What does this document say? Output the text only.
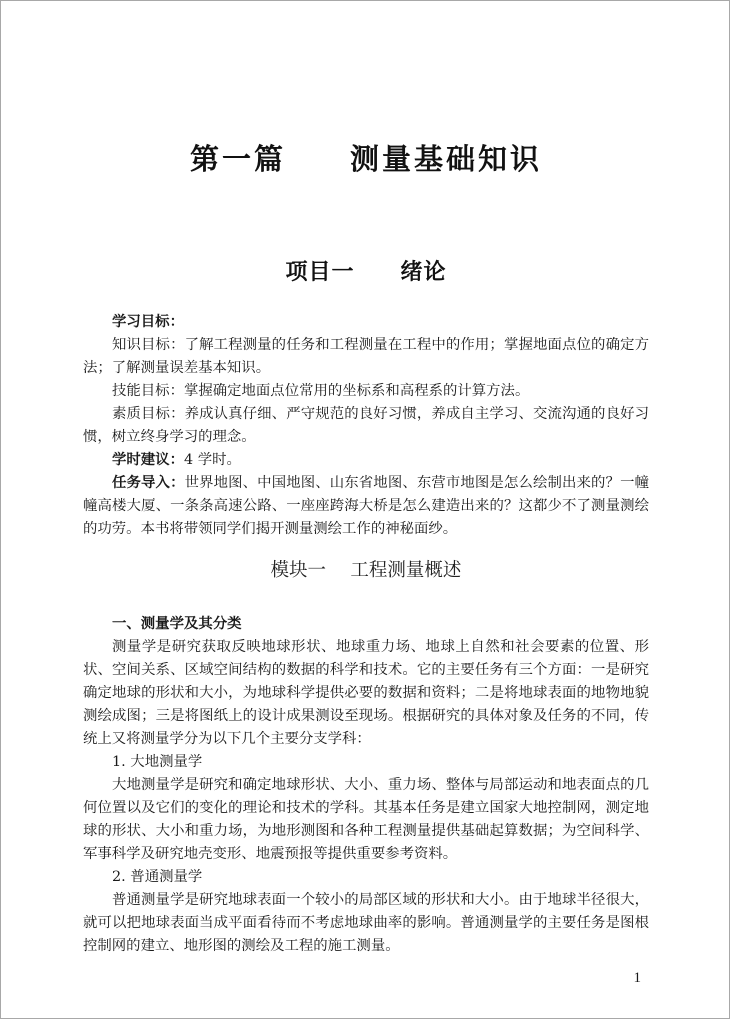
第一篇　　测量基础知识
项目一　　绪论

学习目标：

知识目标：了解工程测量的任务和工程测量在工程中的作用；掌握地面点位的确定方法；了解测量误差基本知识。

技能目标：掌握确定地面点位常用的坐标系和高程系的计算方法。

素质目标：养成认真仔细、严守规范的良好习惯，养成自主学习、交流沟通的良好习惯，树立终身学习的理念。

学时建议：4 学时。

任务导入：世界地图、中国地图、山东省地图、东营市地图是怎么绘制出来的？一幢幢高楼大厦、一条条高速公路、一座座跨海大桥是怎么建造出来的？这都少不了测量测绘的功劳。本书将带领同学们揭开测量测绘工作的神秘面纱。

模块一　 工程测量概述

一、测量学及其分类

测量学是研究获取反映地球形状、地球重力场、地球上自然和社会要素的位置、形状、空间关系、区域空间结构的数据的科学和技术。它的主要任务有三个方面：一是研究确定地球的形状和大小，为地球科学提供必要的数据和资料；二是将地球表面的地物地貌测绘成图；三是将图纸上的设计成果测设至现场。根据研究的具体对象及任务的不同，传统上又将测量学分为以下几个主要分支学科：

1. 大地测量学

大地测量学是研究和确定地球形状、大小、重力场、整体与局部运动和地表面点的几何位置以及它们的变化的理论和技术的学科。其基本任务是建立国家大地控制网，测定地球的形状、大小和重力场，为地形测图和各种工程测量提供基础起算数据；为空间科学、军事科学及研究地壳变形、地震预报等提供重要参考资料。

2. 普通测量学

普通测量学是研究地球表面一个较小的局部区域的形状和大小。由于地球半径很大，就可以把地球表面当成平面看待而不考虑地球曲率的影响。普通测量学的主要任务是图根控制网的建立、地形图的测绘及工程的施工测量。

1
